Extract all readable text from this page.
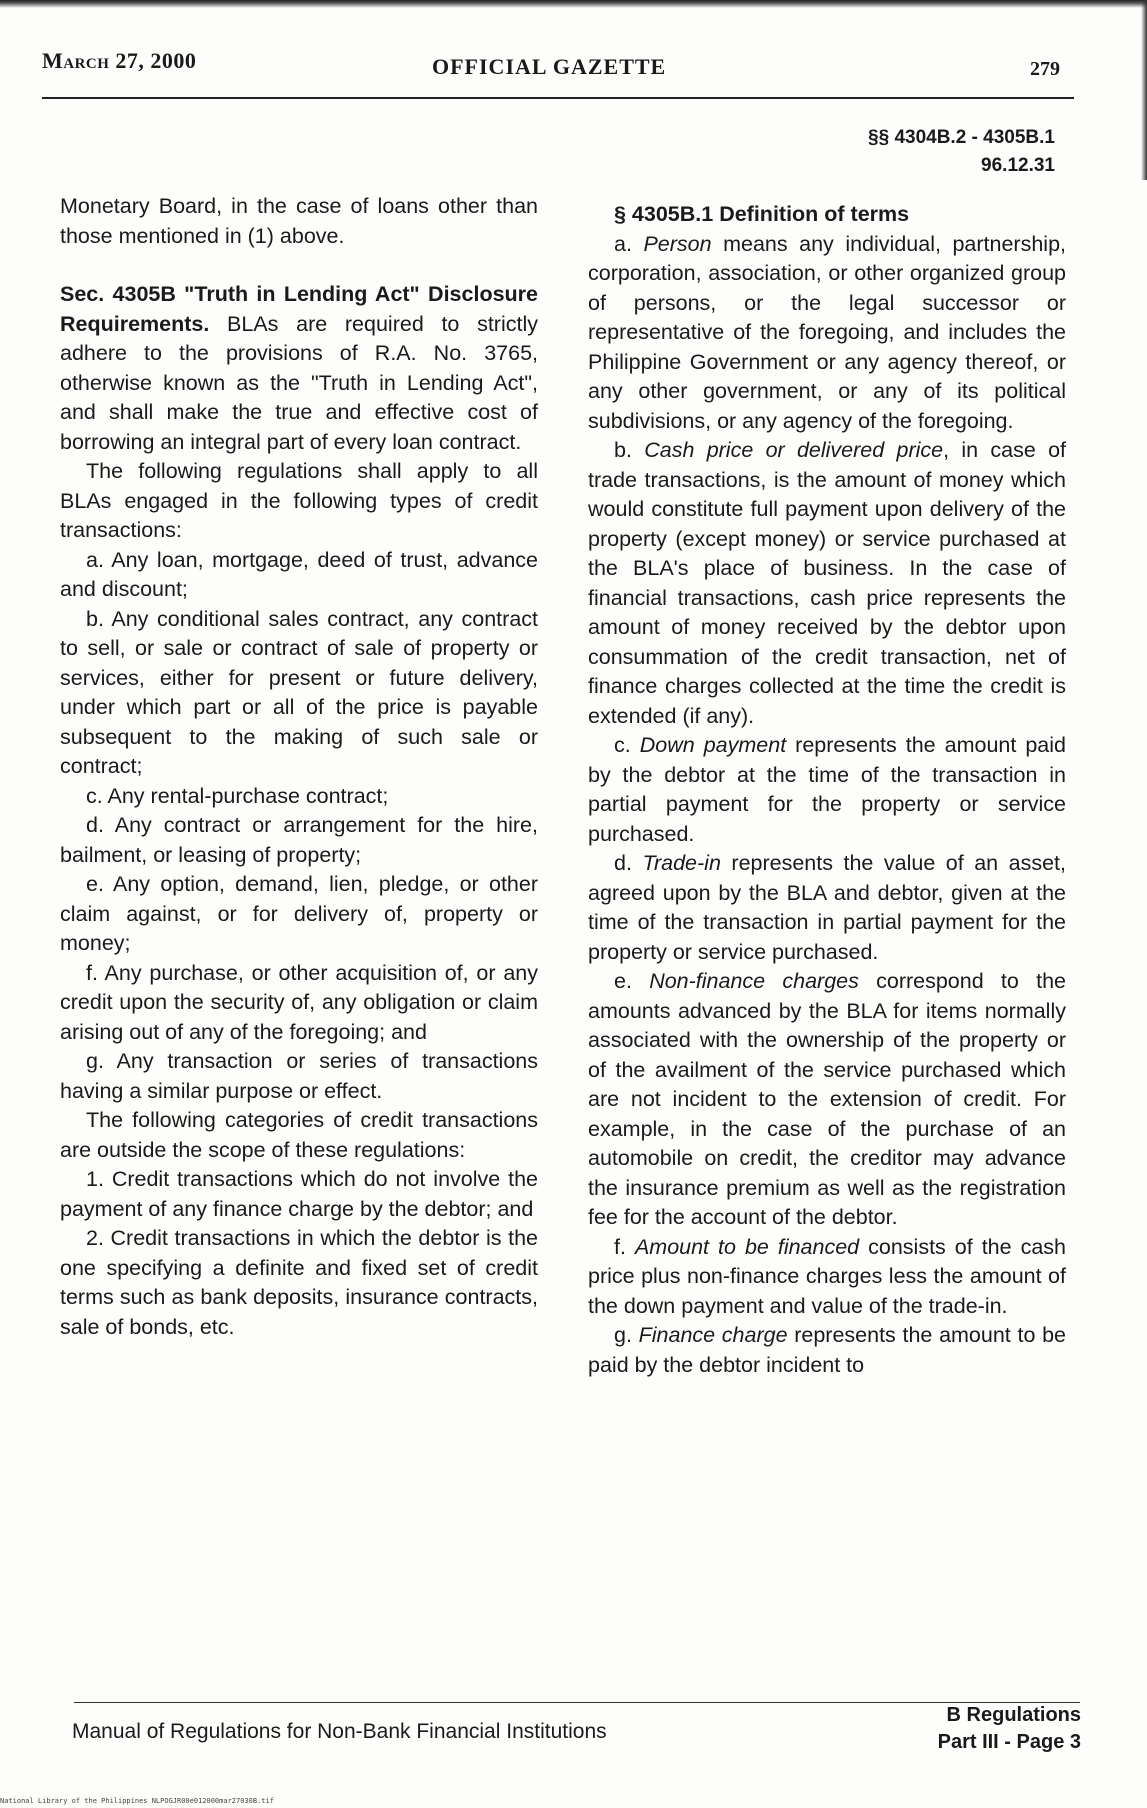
March 27, 2000	OFFICIAL GAZETTE	279
§§ 4304B.2 - 4305B.1
96.12.31

Monetary Board, in the case of loans other than those mentioned in (1) above.

Sec. 4305B "Truth in Lending Act" Disclosure Requirements. BLAs are required to strictly adhere to the provisions of R.A. No. 3765, otherwise known as the "Truth in Lending Act", and shall make the true and effective cost of borrowing an integral part of every loan contract.

The following regulations shall apply to all BLAs engaged in the following types of credit transactions:

a. Any loan, mortgage, deed of trust, advance and discount;

b. Any conditional sales contract, any contract to sell, or sale or contract of sale of property or services, either for present or future delivery, under which part or all of the price is payable subsequent to the making of such sale or contract;

c. Any rental-purchase contract;

d. Any contract or arrangement for the hire, bailment, or leasing of property;

e. Any option, demand, lien, pledge, or other claim against, or for delivery of, property or money;

f. Any purchase, or other acquisition of, or any credit upon the security of, any obligation or claim arising out of any of the foregoing; and

g. Any transaction or series of transactions having a similar purpose or effect.

The following categories of credit transactions are outside the scope of these regulations:

1. Credit transactions which do not involve the payment of any finance charge by the debtor; and

2. Credit transactions in which the debtor is the one specifying a definite and fixed set of credit terms such as bank deposits, insurance contracts, sale of bonds, etc.

§ 4305B.1 Definition of terms

a. Person means any individual, partnership, corporation, association, or other organized group of persons, or the legal successor or representative of the foregoing, and includes the Philippine Government or any agency thereof, or any other government, or any of its political subdivisions, or any agency of the foregoing.

b. Cash price or delivered price, in case of trade transactions, is the amount of money which would constitute full payment upon delivery of the property (except money) or service purchased at the BLA's place of business. In the case of financial transactions, cash price represents the amount of money received by the debtor upon consummation of the credit transaction, net of finance charges collected at the time the credit is extended (if any).

c. Down payment represents the amount paid by the debtor at the time of the transaction in partial payment for the property or service purchased.

d. Trade-in represents the value of an asset, agreed upon by the BLA and debtor, given at the time of the transaction in partial payment for the property or service purchased.

e. Non-finance charges correspond to the amounts advanced by the BLA for items normally associated with the ownership of the property or of the availment of the service purchased which are not incident to the extension of credit. For example, in the case of the purchase of an automobile on credit, the creditor may advance the insurance premium as well as the registration fee for the account of the debtor.

f. Amount to be financed consists of the cash price plus non-finance charges less the amount of the down payment and value of the trade-in.

g. Finance charge represents the amount to be paid by the debtor incident to

Manual of Regulations for Non-Bank Financial Institutions
B Regulations
Part III - Page 3
National Library of the Philippines NLPOGJR00e012000mar27030B.tif
